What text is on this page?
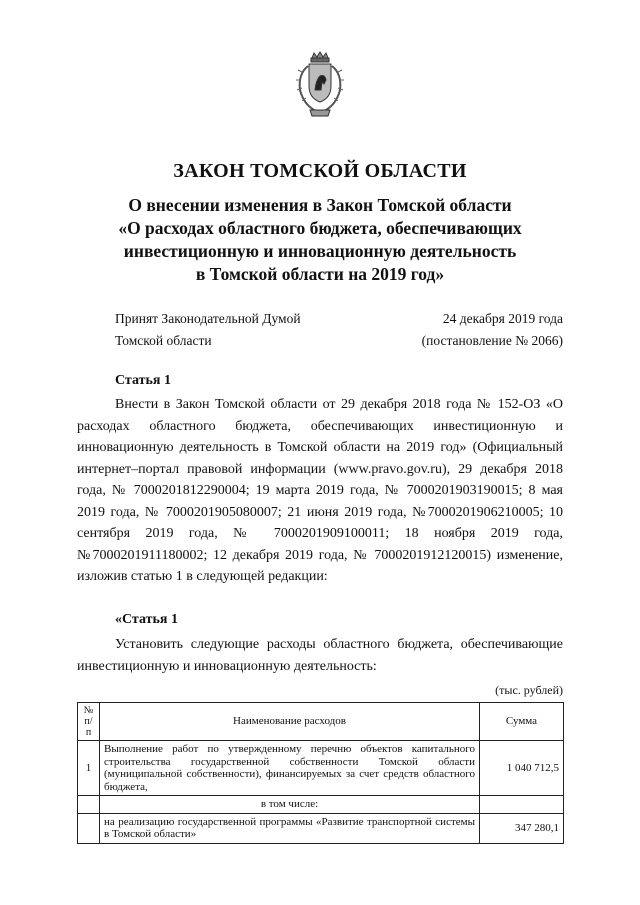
ЗАКОН ТОМСКОЙ ОБЛАСТИ
О внесении изменения в Закон Томской области
«О расходах областного бюджета, обеспечивающих
инвестиционную и инновационную деятельность
в Томской области на 2019 год»
Принят Законодательной Думой
Томской области
24 декабря 2019 года
(постановление № 2066)
Статья 1
Внести в Закон Томской области от 29 декабря 2018 года № 152-ОЗ «О расходах областного бюджета, обеспечивающих инвестиционную и инновационную деятельность в Томской области на 2019 год» (Официальный интернет–портал правовой информации (www.pravo.gov.ru), 29 декабря 2018 года, № 7000201812290004; 19 марта 2019 года, № 7000201903190015; 8 мая 2019 года, № 7000201905080007; 21 июня 2019 года, №7000201906210005; 10 сентября 2019 года, № 7000201909100011; 18 ноября 2019 года, №7000201911180002; 12 декабря 2019 года, № 7000201912120015) изменение, изложив статью 1 в следующей редакции:
«Статья 1
Установить следующие расходы областного бюджета, обеспечивающие инвестиционную и инновационную деятельность:
(тыс. рублей)
№ п/п	Наименование расходов	Сумма
1	Выполнение работ по утвержденному перечню объектов капитального строительства государственной собственности Томской области (муниципальной собственности), финансируемых за счет средств областного бюджета,	1 040 712,5
	в том числе:	
	на реализацию государственной программы «Развитие транспортной системы в Томской области»	347 280,1
